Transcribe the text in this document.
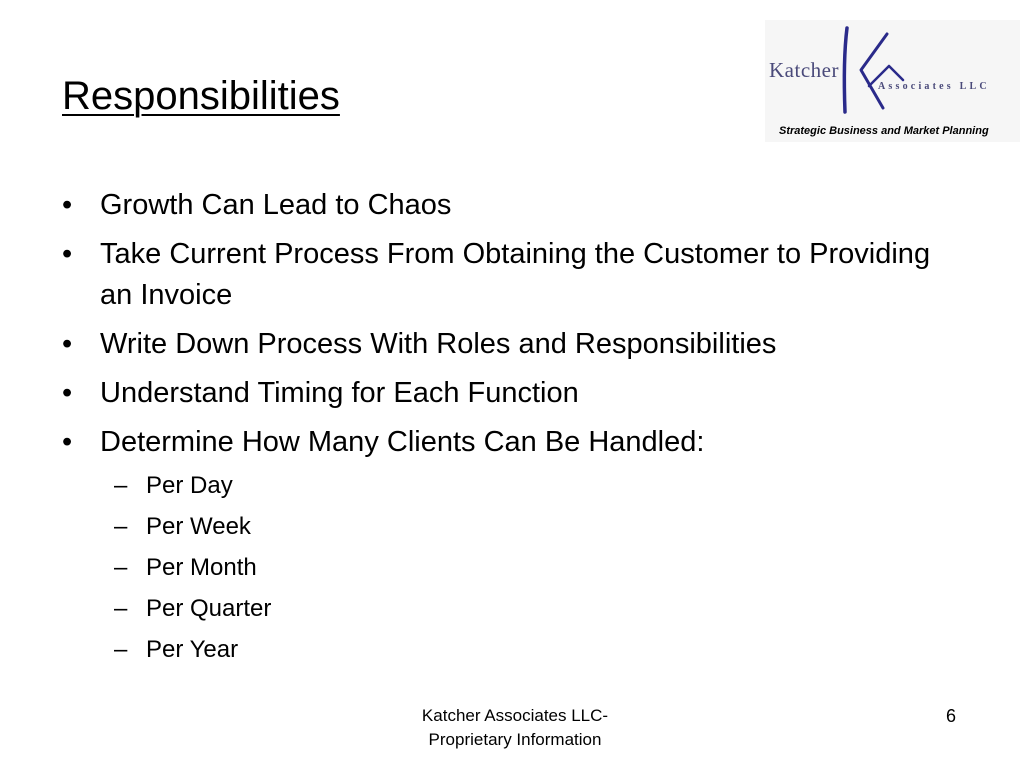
Responsibilities
Katcher
Associates LLC
Strategic Business and Market Planning
• Growth Can Lead to Chaos
• Take Current Process From Obtaining the Customer to Providing an Invoice
• Write Down Process With Roles and Responsibilities
• Understand Timing for Each Function
• Determine How Many Clients Can Be Handled:
– Per Day
– Per Week
– Per Month
– Per Quarter
– Per Year
Katcher Associates LLC-
Proprietary Information
6
